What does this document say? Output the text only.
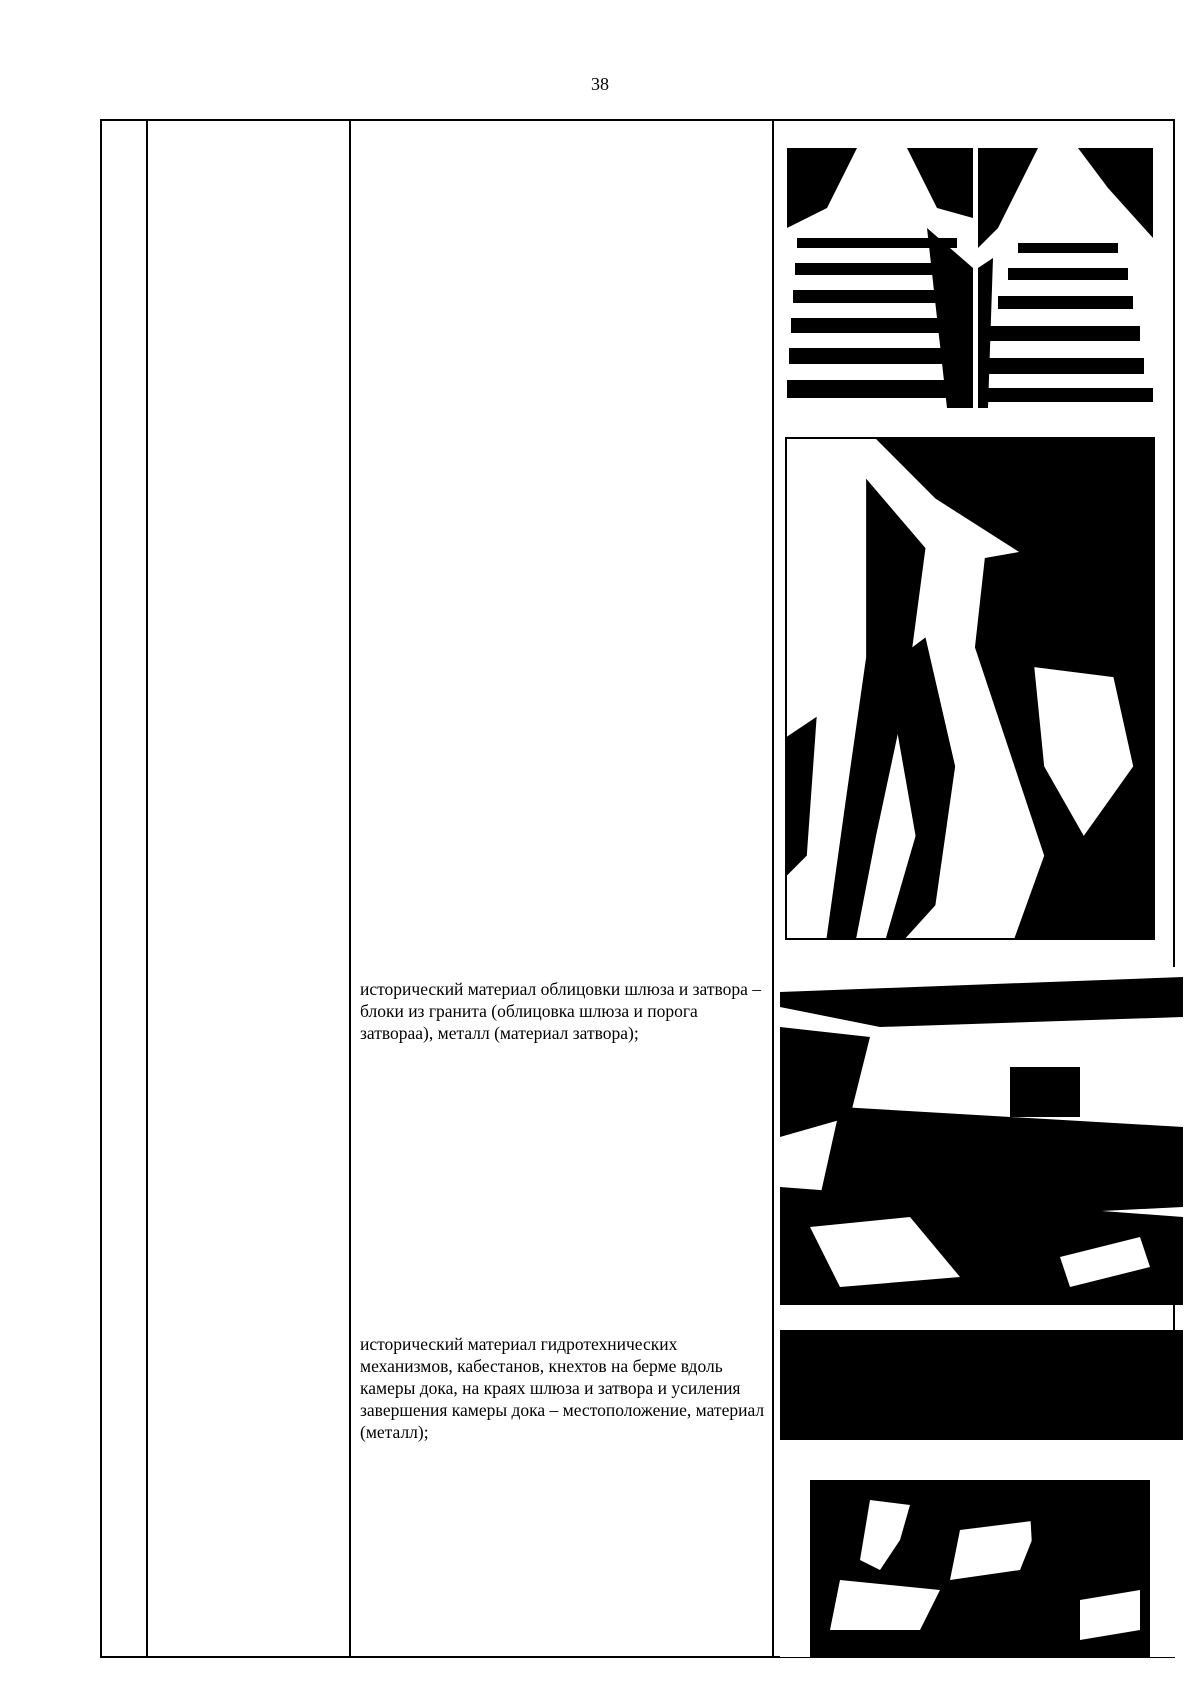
38
исторический материал облицовки шлюза и затвора – блоки из гранита (облицовка шлюза и порога затвораа), металл (материал затвора);
исторический материал гидротехнических механизмов, кабестанов, кнехтов на берме вдоль камеры дока, на краях шлюза и затвора и усиления завершения камеры дока – местоположение, материал (металл);
